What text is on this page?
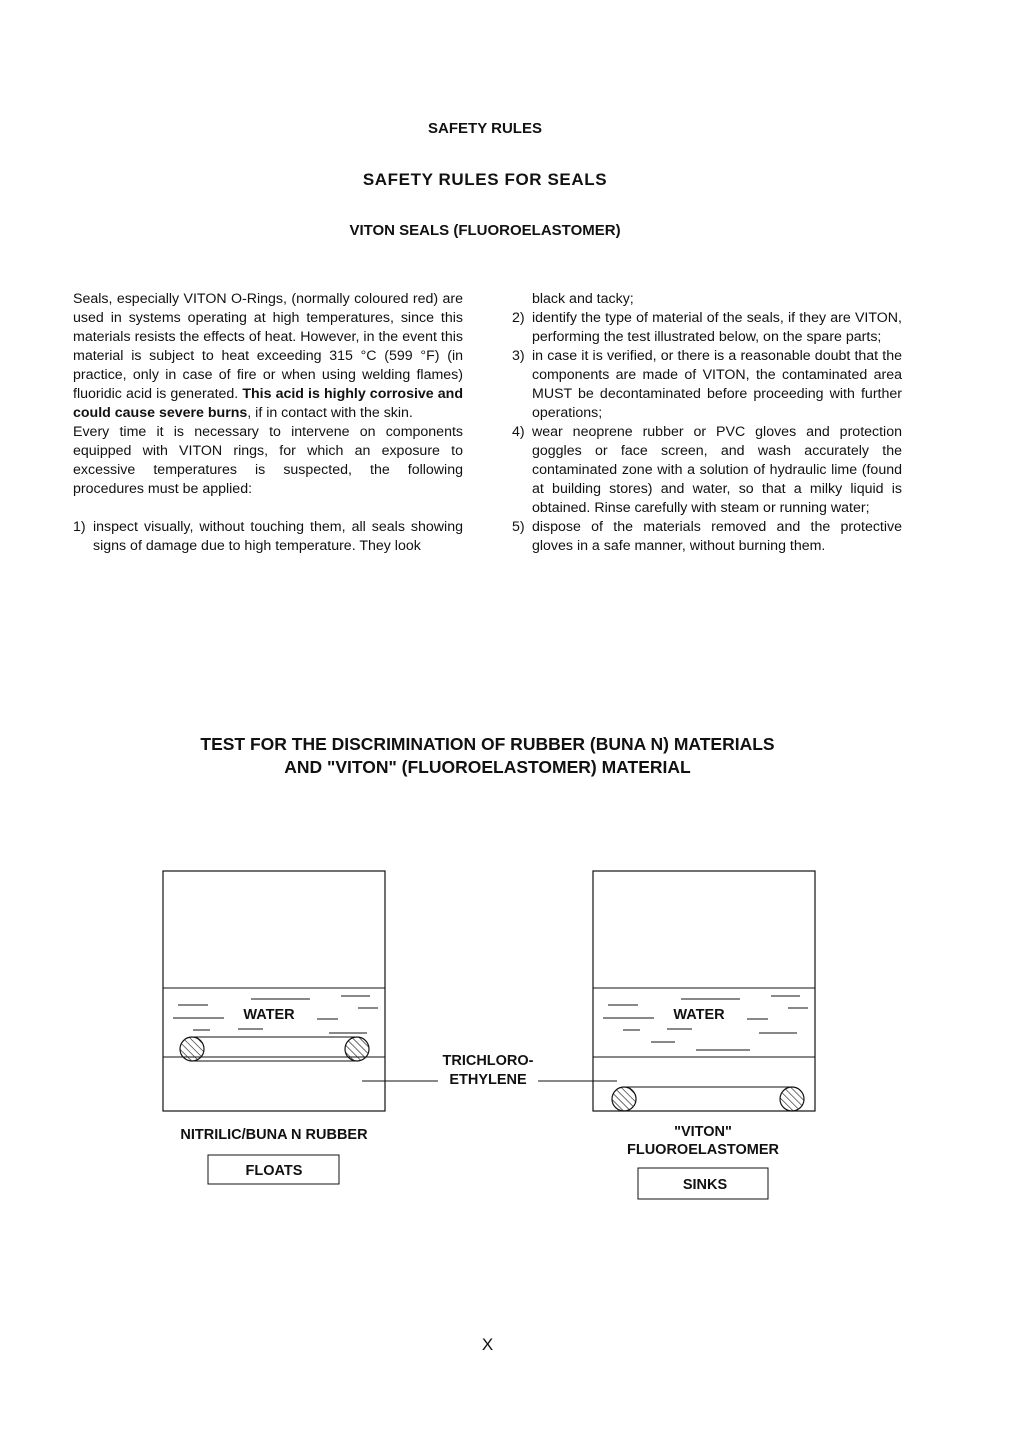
SAFETY RULES
SAFETY RULES FOR SEALS
VITON SEALS (FLUOROELASTOMER)

Seals, especially VITON O-Rings, (normally coloured red) are used in systems operating at high temperatures, since this materials resists the effects of heat. However, in the event this material is subject to heat exceeding 315 °C (599 °F) (in practice, only in case of fire or when using welding flames) fluoridic acid is generated. This acid is highly corrosive and could cause severe burns, if in contact with the skin.

Every time it is necessary to intervene on components equipped with VITON rings, for which an exposure to excessive temperatures is suspected, the following procedures must be applied:

1) inspect visually, without touching them, all seals showing signs of damage due to high temperature. They look
black and tacky;
2) identify the type of material of the seals, if they are VITON, performing the test illustrated below, on the spare parts;
3) in case it is verified, or there is a reasonable doubt that the components are made of VITON, the contaminated area MUST be decontaminated before proceeding with further operations;
4) wear neoprene rubber or PVC gloves and protection goggles or face screen, and wash accurately the contaminated zone with a solution of hydraulic lime (found at building stores) and water, so that a milky liquid is obtained. Rinse carefully with steam or running water;
5) dispose of the materials removed and the protective gloves in a safe manner, without burning them.
TEST FOR THE DISCRIMINATION OF RUBBER (BUNA N) MATERIALS
AND "VITON" (FLUOROELASTOMER) MATERIAL
WATER	WATER
TRICHLORO-
ETHYLENE
NITRILIC/BUNA N RUBBER
FLOATS
"VITON"
FLUOROELASTOMER
SINKS
X
